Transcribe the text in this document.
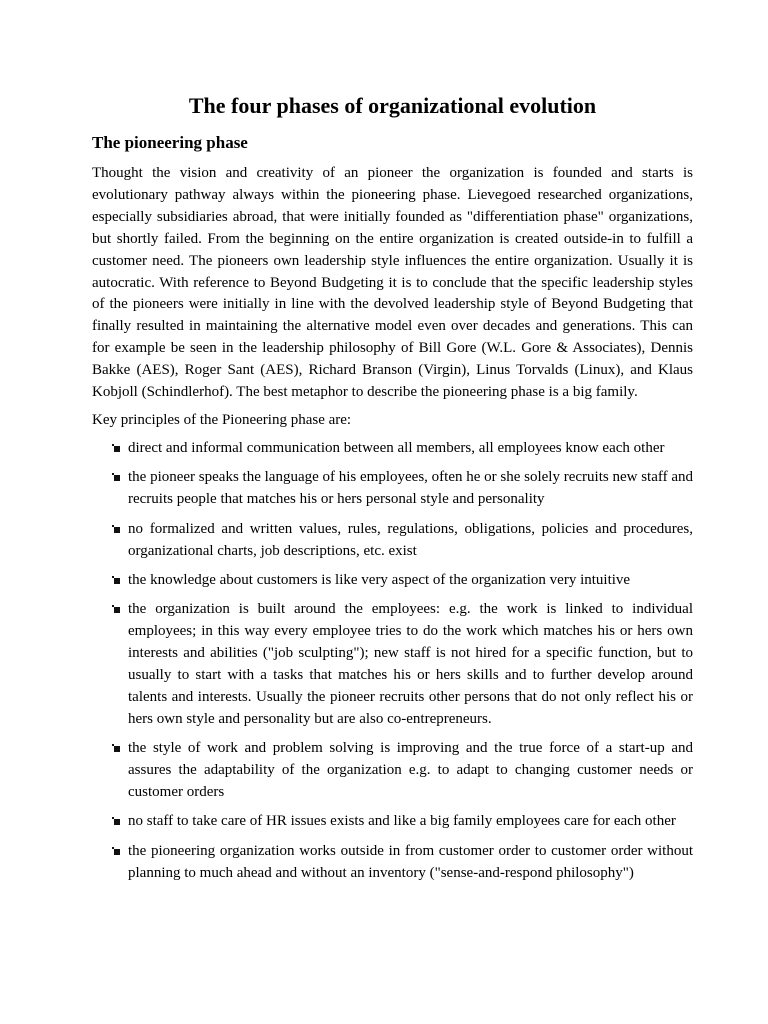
The four phases of organizational evolution
The pioneering phase

Thought the vision and creativity of an pioneer the organization is founded and starts is evolutionary pathway always within the pioneering phase. Lievegoed researched organizations, especially subsidiaries abroad, that were initially founded as "differentiation phase" organizations, but shortly failed. From the beginning on the entire organization is created outside-in to fulfill a customer need. The pioneers own leadership style influences the entire organization. Usually it is autocratic. With reference to Beyond Budgeting it is to conclude that the specific leadership styles of the pioneers were initially in line with the devolved leadership style of Beyond Budgeting that finally resulted in maintaining the alternative model even over decades and generations. This can for example be seen in the leadership philosophy of Bill Gore (W.L. Gore & Associates), Dennis Bakke (AES), Roger Sant (AES), Richard Branson (Virgin), Linus Torvalds (Linux), and Klaus Kobjoll (Schindlerhof). The best metaphor to describe the pioneering phase is a big family.

Key principles of the Pioneering phase are:

direct and informal communication between all members, all employees know each other
the pioneer speaks the language of his employees, often he or she solely recruits new staff and recruits people that matches his or hers personal style and personality
no formalized and written values, rules, regulations, obligations, policies and procedures, organizational charts, job descriptions, etc. exist
the knowledge about customers is like very aspect of the organization very intuitive
the organization is built around the employees: e.g. the work is linked to individual employees; in this way every employee tries to do the work which matches his or hers own interests and abilities ("job sculpting"); new staff is not hired for a specific function, but to usually to start with a tasks that matches his or hers skills and to further develop around talents and interests. Usually the pioneer recruits other persons that do not only reflect his or hers own style and personality but are also co-entrepreneurs.
the style of work and problem solving is improving and the true force of a start-up and assures the adaptability of the organization e.g. to adapt to changing customer needs or customer orders
no staff to take care of HR issues exists and like a big family employees care for each other
the pioneering organization works outside in from customer order to customer order without planning to much ahead and without an inventory ("sense-and-respond philosophy")
